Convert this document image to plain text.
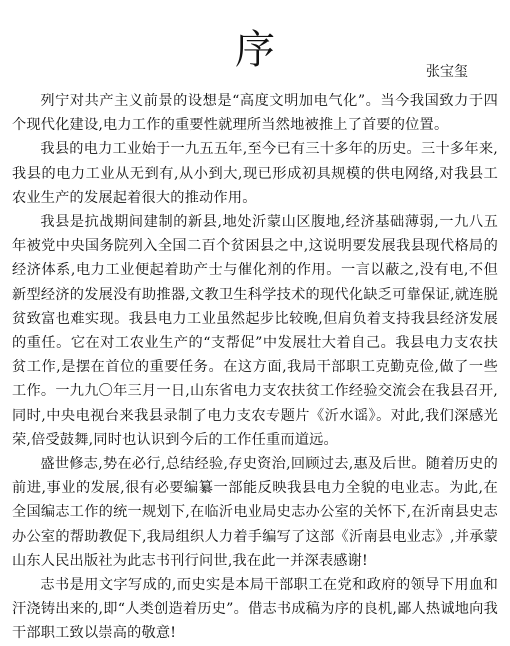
序	张宝玺

列宁对共产主义前景的设想是“高度文明加电气化”。当今我国致力于四个现代化建设,电力工作的重要性就理所当然地被推上了首要的位置。

我县的电力工业始于一九五五年,至今已有三十多年的历史。三十多年来,我县的电力工业从无到有,从小到大,现已形成初具规模的供电网络,对我县工农业生产的发展起着很大的推动作用。

我县是抗战期间建制的新县,地处沂蒙山区腹地,经济基础薄弱,一九八五年被党中央国务院列入全国二百个贫困县之中,这说明要发展我县现代格局的经济体系,电力工业便起着助产士与催化剂的作用。一言以蔽之,没有电,不但新型经济的发展没有助推器,文教卫生科学技术的现代化缺乏可靠保证,就连脱贫致富也难实现。我县电力工业虽然起步比较晚,但肩负着支持我县经济发展的重任。它在对工农业生产的“支帮促”中发展壮大着自己。我县电力支农扶贫工作,是摆在首位的重要任务。在这方面,我局干部职工克勤克俭,做了一些工作。一九九〇年三月一日,山东省电力支农扶贫工作经验交流会在我县召开,同时,中央电视台来我县录制了电力支农专题片《沂水谣》。对此,我们深感光荣,倍受鼓舞,同时也认识到今后的工作任重而道远。

盛世修志,势在必行,总结经验,存史资治,回顾过去,惠及后世。随着历史的前进,事业的发展,很有必要编纂一部能反映我县电力全貌的电业志。为此,在全国编志工作的统一规划下,在临沂电业局史志办公室的关怀下,在沂南县史志办公室的帮助教促下,我局组织人力着手编写了这部《沂南县电业志》,并承蒙山东人民出版社为此志书刊行问世,我在此一并深表感谢!

志书是用文字写成的,而史实是本局干部职工在党和政府的领导下用血和汗浇铸出来的,即“人类创造着历史”。借志书成稿为序的良机,鄙人热诚地向我干部职工致以崇高的敬意!
